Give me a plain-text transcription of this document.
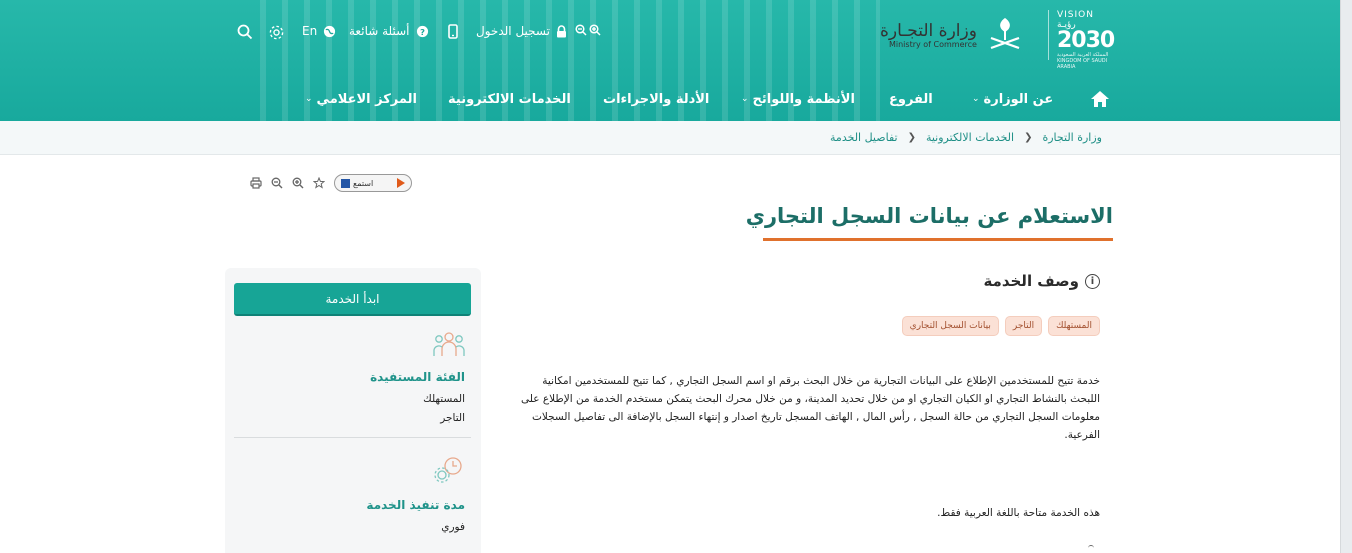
En	أسئلة شائعة ?	تسجيل الدخول	وزارة التجـارة
Ministry of Commerce
VISION رؤيـة
2030
المملكة العربية السعودية KINGDOM OF SAUDI ARABIA
⌄ عن الوزارة
الفروع
⌄ الأنظمة واللوائح
الأدلة والاجراءات
الخدمات الالكترونية
⌄ المركز الاعلامي
وزارة التجارة
❮
الخدمات الالكترونية
❮
تفاصيل الخدمة
استمع
الاستعلام عن بيانات السجل التجاري
i
وصف الخدمة
المستهلك
التاجر
بيانات السجل التجاري
خدمة تتيح للمستخدمين الإطلاع على البيانات التجارية من خلال البحث برقم او اسم السجل التجاري , كما تتيح للمستخدمين امكانية اللبحث بالنشاط التجاري او الكيان التجاري او من خلال تحديد المدينة، و من خلال محرك البحث يتمكن مستخدم الخدمة من الإطلاع على معلومات السجل التجاري من حالة السجل , رأس المال , الهاتف المسجل تاريخ اصدار و إنتهاء السجل بالإضافة الى تفاصيل السجلات الفرعية.
هذه الخدمة متاحة باللغة العربية فقط.
ابدأ الخدمة
الفئة المستفيدة
المستهلك
التاجر
مدة تنفيذ الخدمة
فوري
